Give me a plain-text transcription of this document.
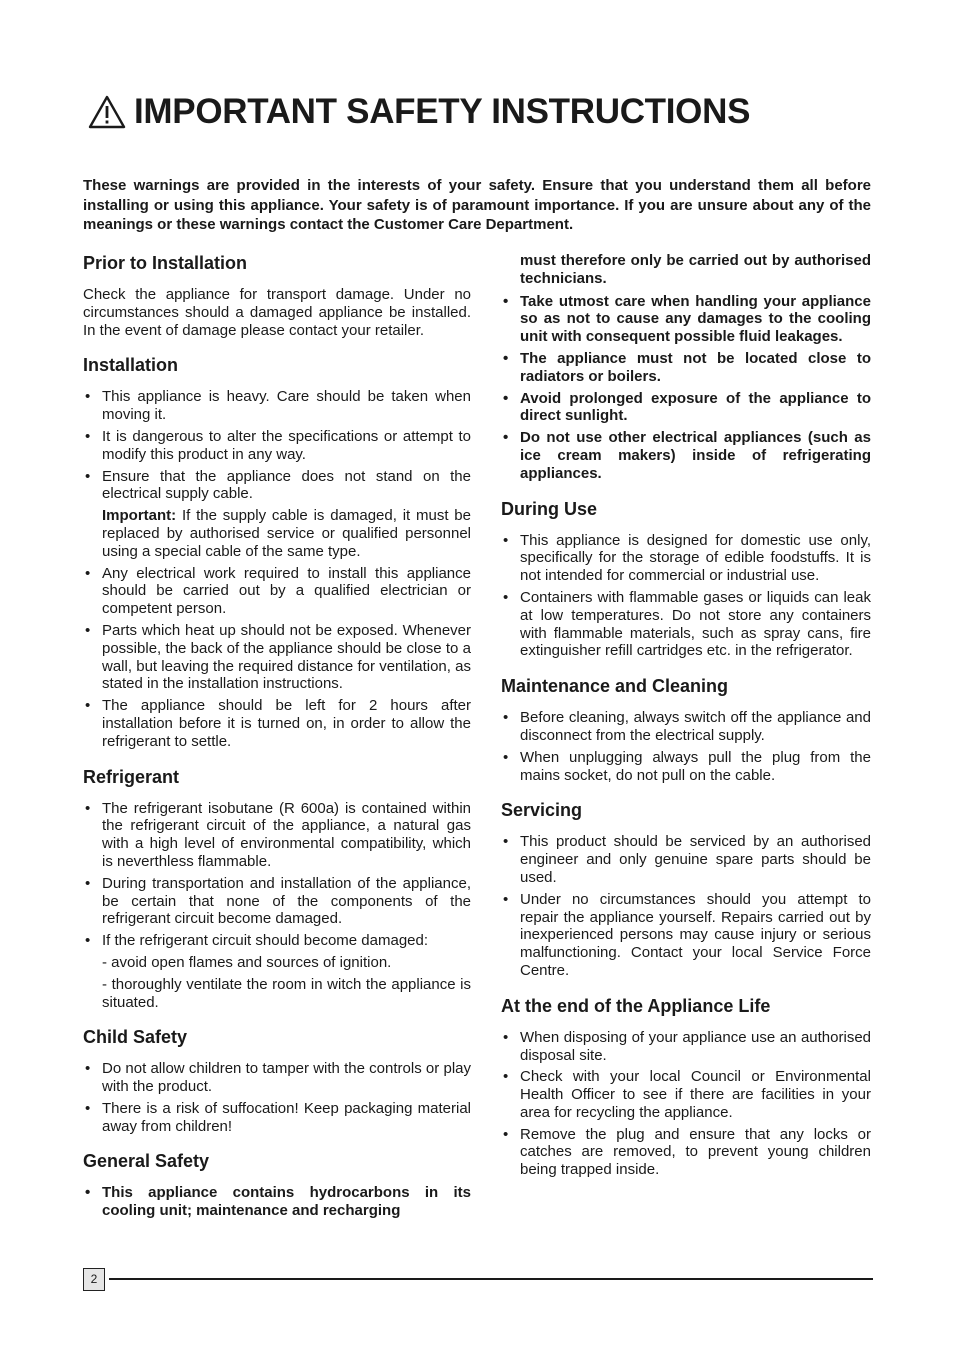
IMPORTANT SAFETY INSTRUCTIONS

These warnings are provided in the interests of your safety. Ensure that you understand them all before installing or using this appliance. Your safety is of paramount importance. If you are unsure about any of the meanings or these warnings contact the Customer Care Department.

Prior to Installation

Check the appliance for transport damage. Under no circumstances should a damaged appliance be installed. In the event of damage please contact your retailer.

Installation
• This appliance is heavy. Care should be taken when moving it.
• It is dangerous to alter the specifications or attempt to modify this product in any way.
• Ensure that the appliance does not stand on the electrical supply cable.
Important: If the supply cable is damaged, it must be replaced by authorised service or qualified personnel using a special cable of the same type.
• Any electrical work required to install this appliance should be carried out by a qualified electrician or competent person.
• Parts which heat up should not be exposed. Whenever possible, the back of the appliance should be close to a wall, but leaving the required distance for ventilation, as stated in the installation instructions.
• The appliance should be left for 2 hours after installation before it is turned on, in order to allow the refrigerant to settle.
Refrigerant
• The refrigerant isobutane (R 600a) is contained within the refrigerant circuit of the appliance, a natural gas with a high level of environmental compatibility, which is neverthless flammable.
• During transportation and installation of the appliance, be certain that none of the components of the refrigerant circuit become damaged.
• If the refrigerant circuit should become damaged:
- avoid open flames and sources of ignition.
- thoroughly ventilate the room in witch the appliance is situated.
Child Safety
• Do not allow children to tamper with the controls or play with the product.
• There is a risk of suffocation! Keep packaging material away from children!
General Safety
• This appliance contains hydrocarbons in its cooling unit; maintenance and recharging
must therefore only be carried out by authorised technicians.
• Take utmost care when handling your appliance so as not to cause any damages to the cooling unit with consequent possible fluid leakages.
• The appliance must not be located close to radiators or boilers.
• Avoid prolonged exposure of the appliance to direct sunlight.
• Do not use other electrical appliances (such as ice cream makers) inside of refrigerating appliances.
During Use
• This appliance is designed for domestic use only, specifically for the storage of edible foodstuffs. It is not intended for commercial or industrial use.
• Containers with flammable gases or liquids can leak at low temperatures. Do not store any containers with flammable materials, such as spray cans, fire extinguisher refill cartridges etc. in the refrigerator.
Maintenance and Cleaning
• Before cleaning, always switch off the appliance and disconnect from the electrical supply.
• When unplugging always pull the plug from the mains socket, do not pull on the cable.
Servicing
• This product should be serviced by an authorised engineer and only genuine spare parts should be used.
• Under no circumstances should you attempt to repair the appliance yourself. Repairs carried out by inexperienced persons may cause injury or serious malfunctioning. Contact your local Service Force Centre.
At the end of the Appliance Life
• When disposing of your appliance use an authorised disposal site.
• Check with your local Council or Environmental Health Officer to see if there are facilities in your area for recycling the appliance.
• Remove the plug and ensure that any locks or catches are removed, to prevent young children being trapped inside.
2
